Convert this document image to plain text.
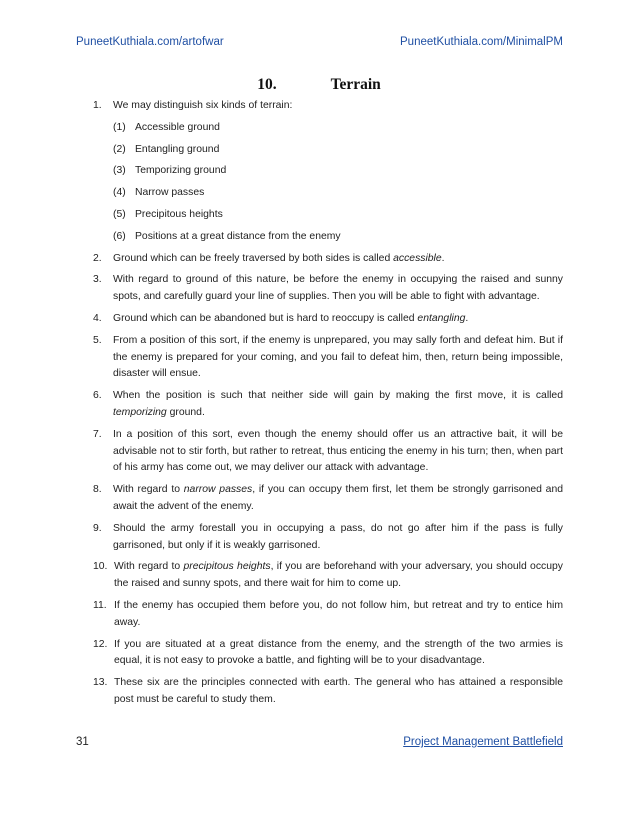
PuneetKuthiala.com/artofwar	PuneetKuthiala.com/MinimalPM
10.	Terrain
1. We may distinguish six kinds of terrain:
(1) Accessible ground
(2) Entangling ground
(3) Temporizing ground
(4) Narrow passes
(5) Precipitous heights
(6) Positions at a great distance from the enemy
2. Ground which can be freely traversed by both sides is called accessible.
3. With regard to ground of this nature, be before the enemy in occupying the raised and sunny spots, and carefully guard your line of supplies. Then you will be able to fight with advantage.
4. Ground which can be abandoned but is hard to reoccupy is called entangling.
5. From a position of this sort, if the enemy is unprepared, you may sally forth and defeat him. But if the enemy is prepared for your coming, and you fail to defeat him, then, return being impossible, disaster will ensue.
6. When the position is such that neither side will gain by making the first move, it is called temporizing ground.
7. In a position of this sort, even though the enemy should offer us an attractive bait, it will be advisable not to stir forth, but rather to retreat, thus enticing the enemy in his turn; then, when part of his army has come out, we may deliver our attack with advantage.
8. With regard to narrow passes, if you can occupy them first, let them be strongly garrisoned and await the advent of the enemy.
9. Should the army forestall you in occupying a pass, do not go after him if the pass is fully garrisoned, but only if it is weakly garrisoned.
10. With regard to precipitous heights, if you are beforehand with your adversary, you should occupy the raised and sunny spots, and there wait for him to come up.
11. If the enemy has occupied them before you, do not follow him, but retreat and try to entice him away.
12. If you are situated at a great distance from the enemy, and the strength of the two armies is equal, it is not easy to provoke a battle, and fighting will be to your disadvantage.
13. These six are the principles connected with earth. The general who has attained a responsible post must be careful to study them.
31	Project Management Battlefield
